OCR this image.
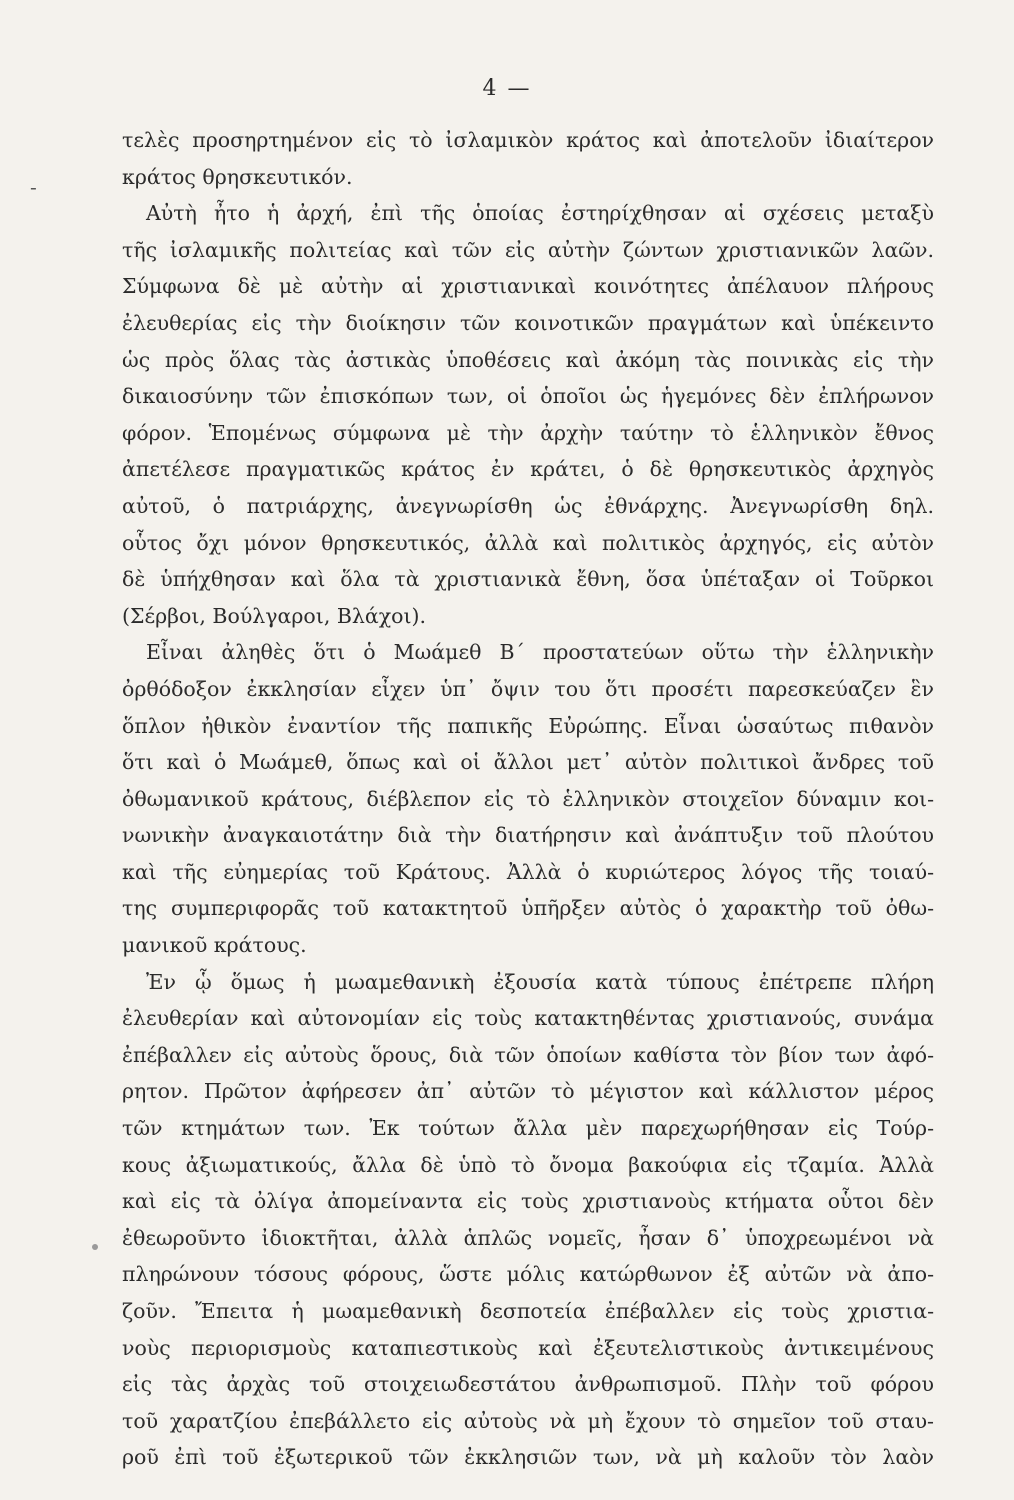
4 —
-
τελὲς προσηρτημένον εἰς τὸ ἰσλαμικὸν κράτος καὶ ἀποτελοῦν ἰδιαίτερον
κράτος θρησκευτικόν.
Αὐτὴ ἦτο ἡ ἀρχή, ἐπὶ τῆς ὁποίας ἐστηρίχθησαν αἱ σχέσεις μεταξὺ
τῆς ἰσλαμικῆς πολιτείας καὶ τῶν εἰς αὐτὴν ζώντων χριστιανικῶν λαῶν.
Σύμφωνα δὲ μὲ αὐτὴν αἱ χριστιανικαὶ κοινότητες ἀπέλαυον πλήρους
ἐλευθερίας εἰς τὴν διοίκησιν τῶν κοινοτικῶν πραγμάτων καὶ ὑπέκειντο
ὡς πρὸς ὅλας τὰς ἀστικὰς ὑποθέσεις καὶ ἀκόμη τὰς ποινικὰς εἰς τὴν
δικαιοσύνην τῶν ἐπισκόπων των, οἱ ὁποῖοι ὡς ἡγεμόνες δὲν ἐπλήρωνον
φόρον. Ἑπομένως σύμφωνα μὲ τὴν ἀρχὴν ταύτην τὸ ἑλληνικὸν ἔθνος
ἀπετέλεσε πραγματικῶς κράτος ἐν κράτει, ὁ δὲ θρησκευτικὸς ἀρχηγὸς
αὐτοῦ, ὁ πατριάρχης, ἀνεγνωρίσθη ὡς ἐθνάρχης. Ἀνεγνωρίσθη δηλ.
οὗτος ὄχι μόνον θρησκευτικός, ἀλλὰ καὶ πολιτικὸς ἀρχηγός, εἰς αὐτὸν
δὲ ὑπήχθησαν καὶ ὅλα τὰ χριστιανικὰ ἔθνη, ὅσα ὑπέταξαν οἱ Τοῦρκοι
(Σέρβοι, Βούλγαροι, Βλάχοι).
Εἶναι ἀληθὲς ὅτι ὁ Μωάμεθ Β΄ προστατεύων οὕτω τὴν ἑλληνικὴν
ὀρθόδοξον ἐκκλησίαν εἶχεν ὑπ᾿ ὄψιν του ὅτι προσέτι παρεσκεύαζεν ἓν
ὅπλον ἠθικὸν ἐναντίον τῆς παπικῆς Εὐρώπης. Εἶναι ὡσαύτως πιθανὸν
ὅτι καὶ ὁ Μωάμεθ, ὅπως καὶ οἱ ἄλλοι μετ᾿ αὐτὸν πολιτικοὶ ἄνδρες τοῦ
ὀθωμανικοῦ κράτους, διέβλεπον εἰς τὸ ἑλληνικὸν στοιχεῖον δύναμιν κοι-
νωνικὴν ἀναγκαιοτάτην διὰ τὴν διατήρησιν καὶ ἀνάπτυξιν τοῦ πλούτου
καὶ τῆς εὐημερίας τοῦ Κράτους. Ἀλλὰ ὁ κυριώτερος λόγος τῆς τοιαύ-
της συμπεριφορᾶς τοῦ κατακτητοῦ ὑπῆρξεν αὐτὸς ὁ χαρακτὴρ τοῦ ὀθω-
μανικοῦ κράτους.
Ἐν ᾧ ὅμως ἡ μωαμεθανικὴ ἐξουσία κατὰ τύπους ἐπέτρεπε πλήρη
ἐλευθερίαν καὶ αὐτονομίαν εἰς τοὺς κατακτηθέντας χριστιανούς, συνάμα
ἐπέβαλλεν εἰς αὐτοὺς ὅρους, διὰ τῶν ὁποίων καθίστα τὸν βίον των ἀφό-
ρητον. Πρῶτον ἀφήρεσεν ἀπ᾿ αὐτῶν τὸ μέγιστον καὶ κάλλιστον μέρος
τῶν κτημάτων των. Ἐκ τούτων ἄλλα μὲν παρεχωρήθησαν εἰς Τούρ-
κους ἀξιωματικούς, ἄλλα δὲ ὑπὸ τὸ ὄνομα βακούφια εἰς τζαμία. Ἀλλὰ
καὶ εἰς τὰ ὀλίγα ἀπομείναντα εἰς τοὺς χριστιανοὺς κτήματα οὗτοι δὲν
ἐθεωροῦντο ἰδιοκτῆται, ἀλλὰ ἁπλῶς νομεῖς, ἦσαν δ᾿ ὑποχρεωμένοι νὰ
πληρώνουν τόσους φόρους, ὥστε μόλις κατώρθωνον ἐξ αὐτῶν νὰ ἀπο-
ζοῦν. Ἔπειτα ἡ μωαμεθανικὴ δεσποτεία ἐπέβαλλεν εἰς τοὺς χριστια-
νοὺς περιορισμοὺς καταπιεστικοὺς καὶ ἐξευτελιστικοὺς ἀντικειμένους
εἰς τὰς ἀρχὰς τοῦ στοιχειωδεστάτου ἀνθρωπισμοῦ. Πλὴν τοῦ φόρου
τοῦ χαρατζίου ἐπεβάλλετο εἰς αὐτοὺς νὰ μὴ ἔχουν τὸ σημεῖον τοῦ σταυ-
ροῦ ἐπὶ τοῦ ἐξωτερικοῦ τῶν ἐκκλησιῶν των, νὰ μὴ καλοῦν τὸν λαὸν
